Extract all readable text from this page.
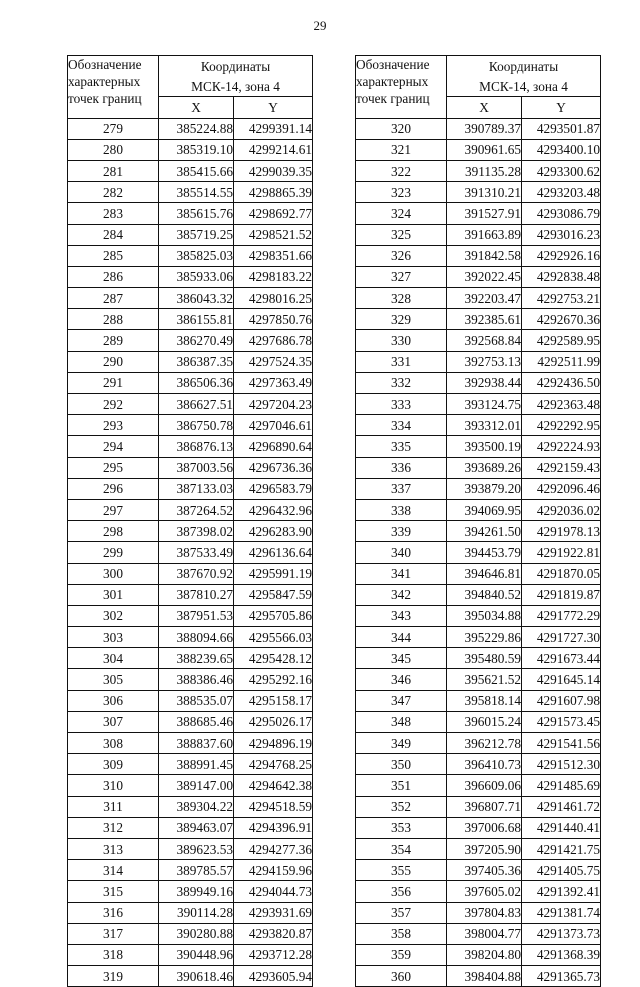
29
Обозначение
характерных
точек границ	Координаты	
	МСК-14, зона 4	
	X	Y
279	385224.88	4299391.14
280	385319.10	4299214.61
281	385415.66	4299039.35
282	385514.55	4298865.39
283	385615.76	4298692.77
284	385719.25	4298521.52
285	385825.03	4298351.66
286	385933.06	4298183.22
287	386043.32	4298016.25
288	386155.81	4297850.76
289	386270.49	4297686.78
290	386387.35	4297524.35
291	386506.36	4297363.49
292	386627.51	4297204.23
293	386750.78	4297046.61
294	386876.13	4296890.64
295	387003.56	4296736.36
296	387133.03	4296583.79
297	387264.52	4296432.96
298	387398.02	4296283.90
299	387533.49	4296136.64
300	387670.92	4295991.19
301	387810.27	4295847.59
302	387951.53	4295705.86
303	388094.66	4295566.03
304	388239.65	4295428.12
305	388386.46	4295292.16
306	388535.07	4295158.17
307	388685.46	4295026.17
308	388837.60	4294896.19
309	388991.45	4294768.25
310	389147.00	4294642.38
311	389304.22	4294518.59
312	389463.07	4294396.91
313	389623.53	4294277.36
314	389785.57	4294159.96
315	389949.16	4294044.73
316	390114.28	4293931.69
317	390280.88	4293820.87
318	390448.96	4293712.28
319	390618.46	4293605.94
Обозначение
характерных
точек границ	Координаты	
	МСК-14, зона 4	
	X	Y
320	390789.37	4293501.87
321	390961.65	4293400.10
322	391135.28	4293300.62
323	391310.21	4293203.48
324	391527.91	4293086.79
325	391663.89	4293016.23
326	391842.58	4292926.16
327	392022.45	4292838.48
328	392203.47	4292753.21
329	392385.61	4292670.36
330	392568.84	4292589.95
331	392753.13	4292511.99
332	392938.44	4292436.50
333	393124.75	4292363.48
334	393312.01	4292292.95
335	393500.19	4292224.93
336	393689.26	4292159.43
337	393879.20	4292096.46
338	394069.95	4292036.02
339	394261.50	4291978.13
340	394453.79	4291922.81
341	394646.81	4291870.05
342	394840.52	4291819.87
343	395034.88	4291772.29
344	395229.86	4291727.30
345	395480.59	4291673.44
346	395621.52	4291645.14
347	395818.14	4291607.98
348	396015.24	4291573.45
349	396212.78	4291541.56
350	396410.73	4291512.30
351	396609.06	4291485.69
352	396807.71	4291461.72
353	397006.68	4291440.41
354	397205.90	4291421.75
355	397405.36	4291405.75
356	397605.02	4291392.41
357	397804.83	4291381.74
358	398004.77	4291373.73
359	398204.80	4291368.39
360	398404.88	4291365.73
